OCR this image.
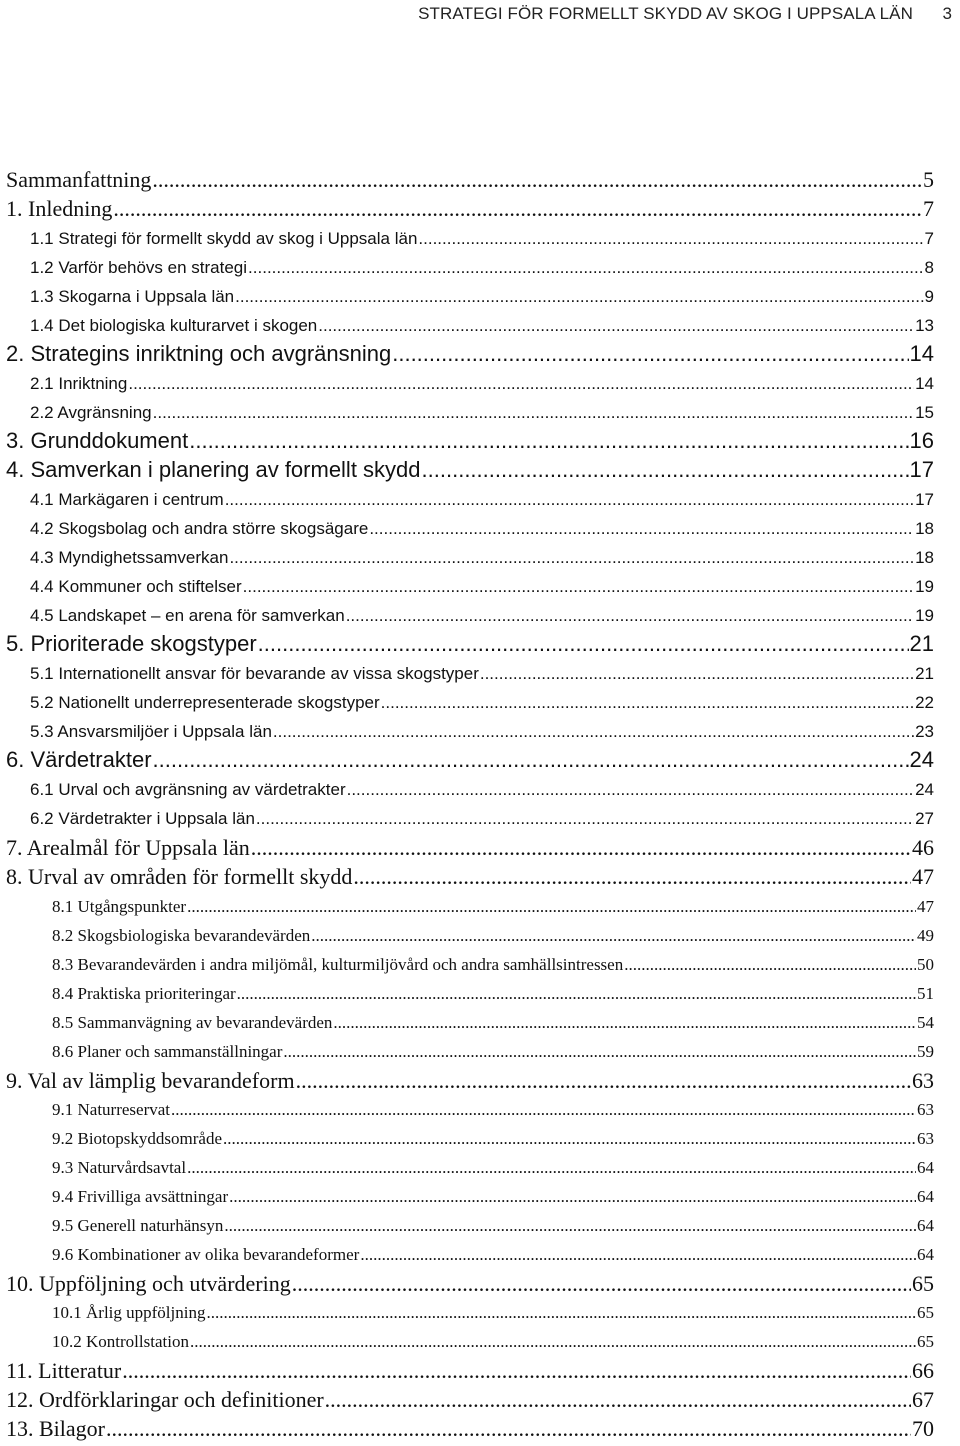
STRATEGI FÖR FORMELLT SKYDD AV SKOG I UPPSALA LÄN 3
Sammanfattning .....	5
1. Inledning .....	7
1.1 Strategi för formellt skydd av skog i Uppsala län .....	7
1.2 Varför behövs en strategi .....	8
1.3 Skogarna i Uppsala län .....	9
1.4 Det biologiska kulturarvet i skogen .....	13
2. Strategins inriktning och avgränsning .....	14
2.1 Inriktning .....	14
2.2 Avgränsning .....	15
3. Grunddokument .....	16
4. Samverkan i planering av formellt skydd .....	17
4.1 Markägaren i centrum .....	17
4.2 Skogsbolag och andra större skogsägare .....	18
4.3 Myndighetssamverkan .....	18
4.4 Kommuner och stiftelser .....	19
4.5 Landskapet – en arena för samverkan .....	19
5. Prioriterade skogstyper .....	21
5.1 Internationellt ansvar för bevarande av vissa skogstyper .....	21
5.2 Nationellt underrepresenterade skogstyper .....	22
5.3 Ansvarsmiljöer i Uppsala län .....	23
6. Värdetrakter .....	24
6.1 Urval och avgränsning av värdetrakter .....	24
6.2 Värdetrakter i Uppsala län .....	27
7. Arealmål för Uppsala län .....	46
8. Urval av områden för formellt skydd .....	47
8.1 Utgångspunkter .....	47
8.2 Skogsbiologiska bevarandevärden .....	49
8.3 Bevarandevärden i andra miljömål, kulturmiljövård och andra samhällsintressen .....	50
8.4 Praktiska prioriteringar .....	51
8.5 Sammanvägning av bevarandevärden .....	54
8.6 Planer och sammanställningar .....	59
9. Val av lämplig bevarandeform .....	63
9.1 Naturreservat .....	63
9.2 Biotopskyddsområde .....	63
9.3 Naturvårdsavtal .....	64
9.4 Frivilliga avsättningar .....	64
9.5 Generell naturhänsyn .....	64
9.6 Kombinationer av olika bevarandeformer .....	64
10. Uppföljning och utvärdering .....	65
10.1 Årlig uppföljning .....	65
10.2 Kontrollstation .....	65
11. Litteratur .....	66
12. Ordförklaringar och definitioner .....	67
13. Bilagor .....	70
